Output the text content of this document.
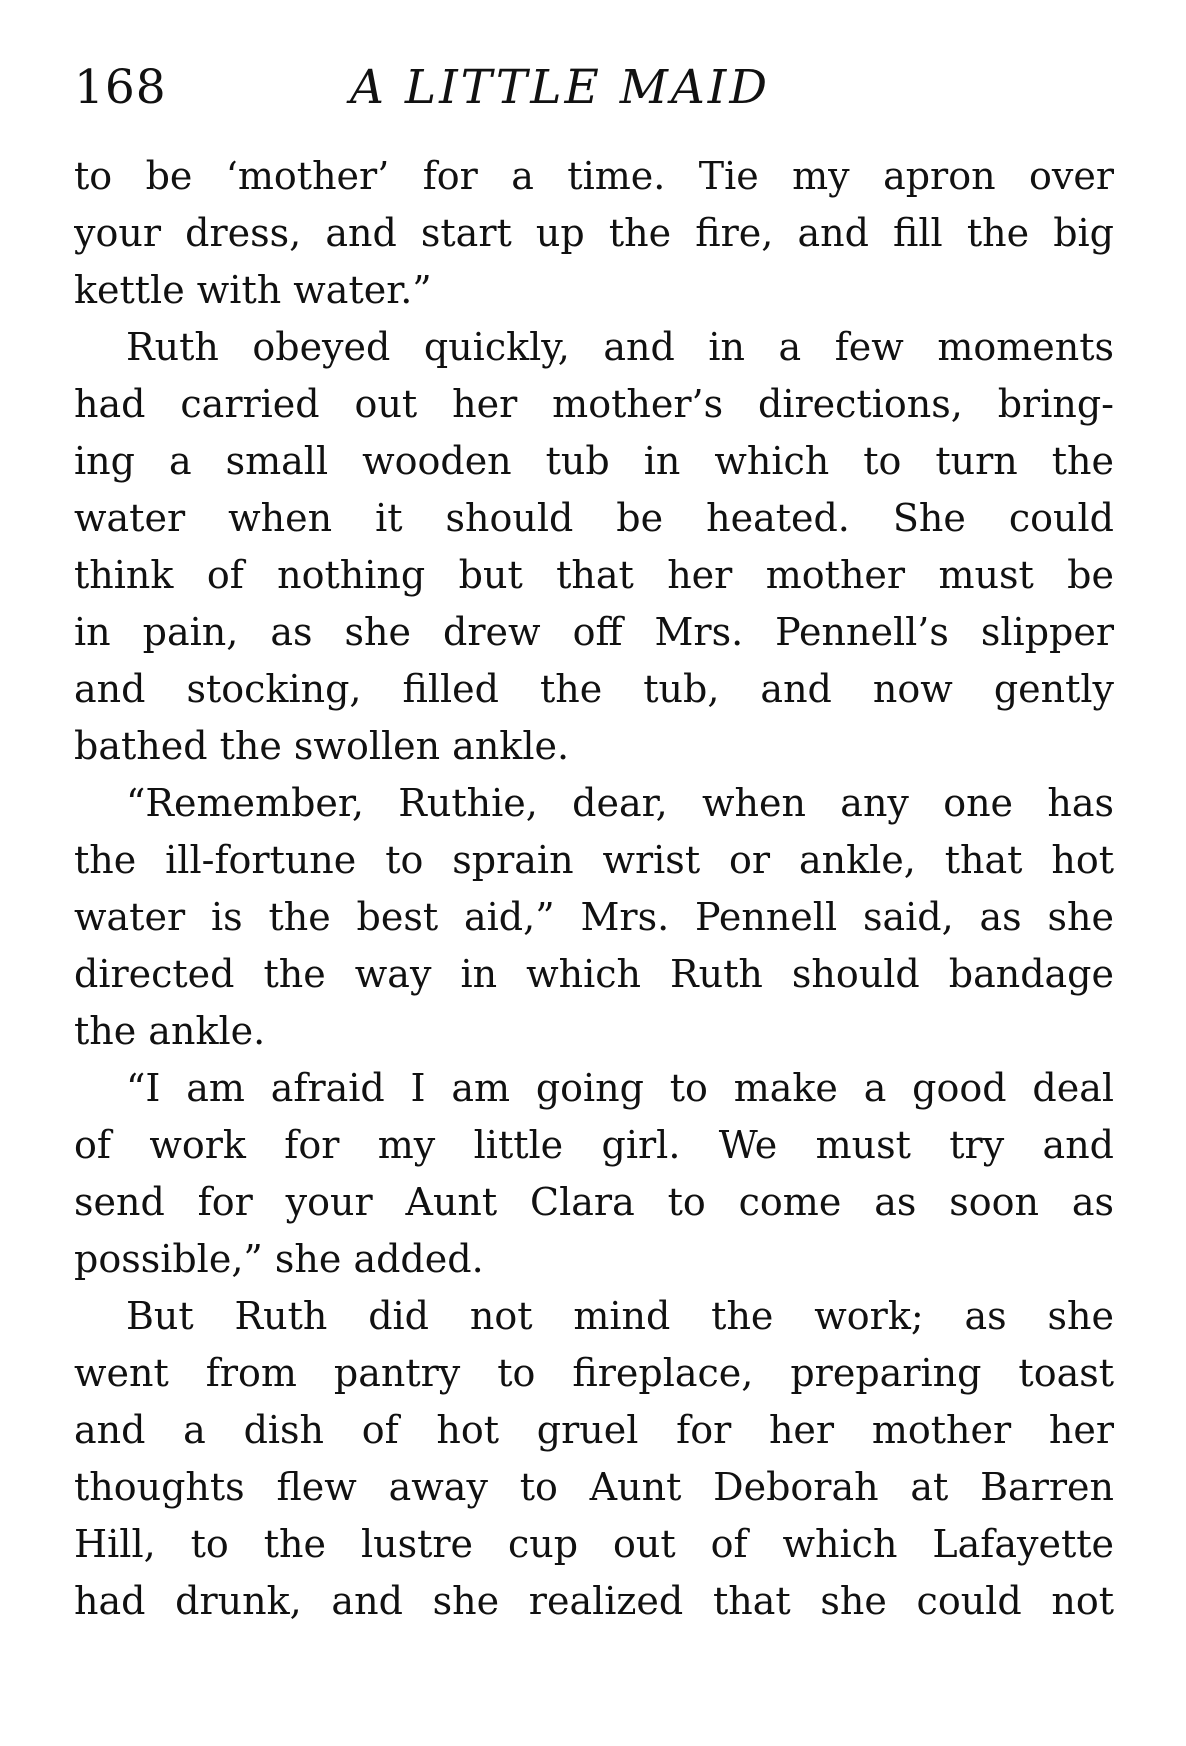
168	A LITTLE MAID
to be ‘mother’ for a time. Tie my apron over
your dress, and start up the fire, and fill the big
kettle with water.”
Ruth obeyed quickly, and in a few moments
had carried out her mother’s directions, bring-
ing a small wooden tub in which to turn the
water when it should be heated. She could
think of nothing but that her mother must be
in pain, as she drew off Mrs. Pennell’s slipper
and stocking, filled the tub, and now gently
bathed the swollen ankle.
“Remember, Ruthie, dear, when any one has
the ill-fortune to sprain wrist or ankle, that hot
water is the best aid,” Mrs. Pennell said, as she
directed the way in which Ruth should bandage
the ankle.
“I am afraid I am going to make a good deal
of work for my little girl. We must try and
send for your Aunt Clara to come as soon as
possible,” she added.
But Ruth did not mind the work; as she
went from pantry to fireplace, preparing toast
and a dish of hot gruel for her mother her
thoughts flew away to Aunt Deborah at Barren
Hill, to the lustre cup out of which Lafayette
had drunk, and she realized that she could not
